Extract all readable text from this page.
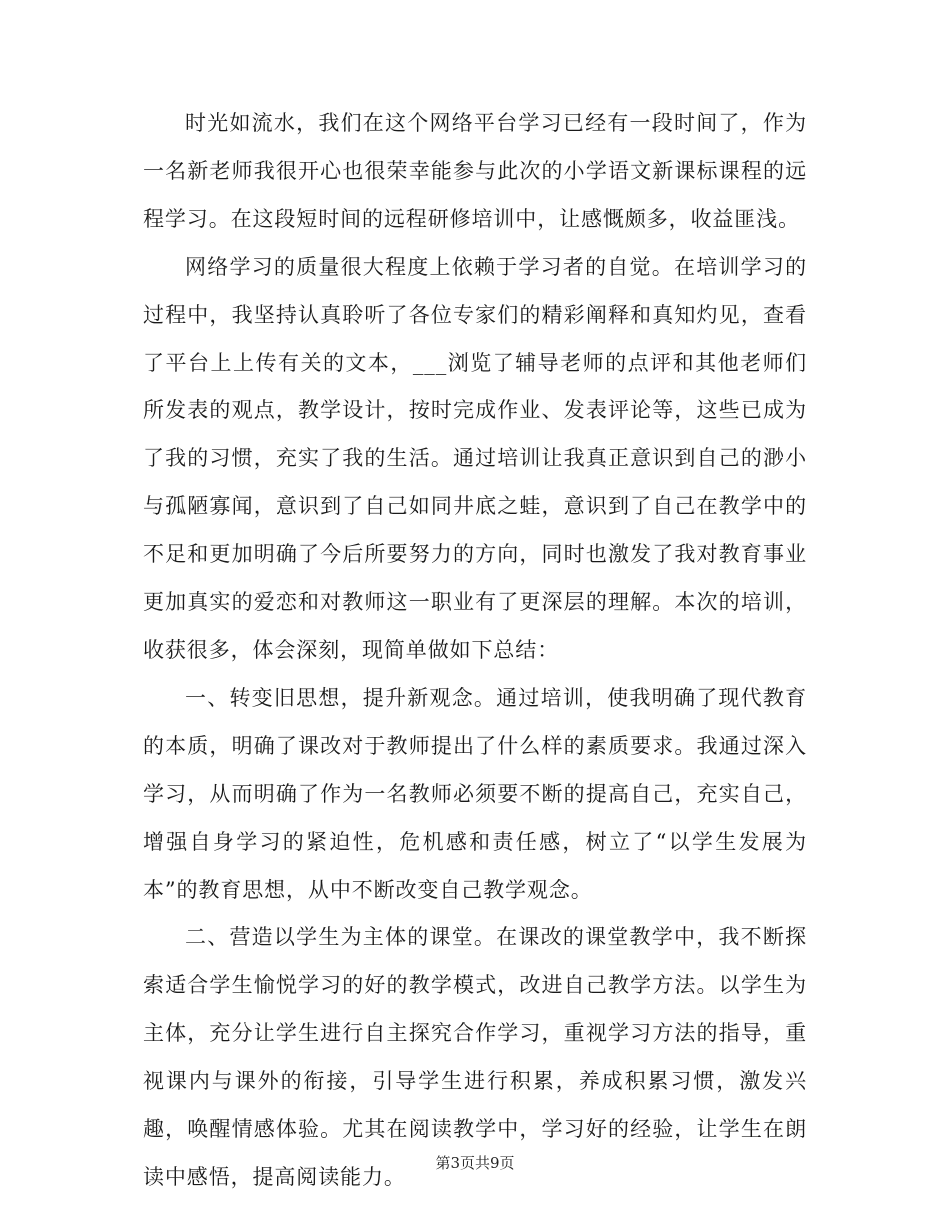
时光如流水，我们在这个网络平台学习已经有一段时间了，作为一名新老师我很开心也很荣幸能参与此次的小学语文新课标课程的远程学习。在这段短时间的远程研修培训中，让感慨颇多，收益匪浅。

网络学习的质量很大程度上依赖于学习者的自觉。在培训学习的过程中，我坚持认真聆听了各位专家们的精彩阐释和真知灼见，查看了平台上上传有关的文本，___浏览了辅导老师的点评和其他老师们所发表的观点，教学设计，按时完成作业、发表评论等，这些已成为了我的习惯，充实了我的生活。通过培训让我真正意识到自己的渺小与孤陋寡闻，意识到了自己如同井底之蛙，意识到了自己在教学中的不足和更加明确了今后所要努力的方向，同时也激发了我对教育事业更加真实的爱恋和对教师这一职业有了更深层的理解。本次的培训，收获很多，体会深刻，现简单做如下总结：

一、转变旧思想，提升新观念。通过培训，使我明确了现代教育的本质，明确了课改对于教师提出了什么样的素质要求。我通过深入学习，从而明确了作为一名教师必须要不断的提高自己，充实自己，增强自身学习的紧迫性，危机感和责任感，树立了“以学生发展为本”的教育思想，从中不断改变自己教学观念。

二、营造以学生为主体的课堂。在课改的课堂教学中，我不断探索适合学生愉悦学习的好的教学模式，改进自己教学方法。以学生为主体，充分让学生进行自主探究合作学习，重视学习方法的指导，重视课内与课外的衔接，引导学生进行积累，养成积累习惯，激发兴趣，唤醒情感体验。尤其在阅读教学中，学习好的经验，让学生在朗读中感悟，提高阅读能力。

第3页共9页
